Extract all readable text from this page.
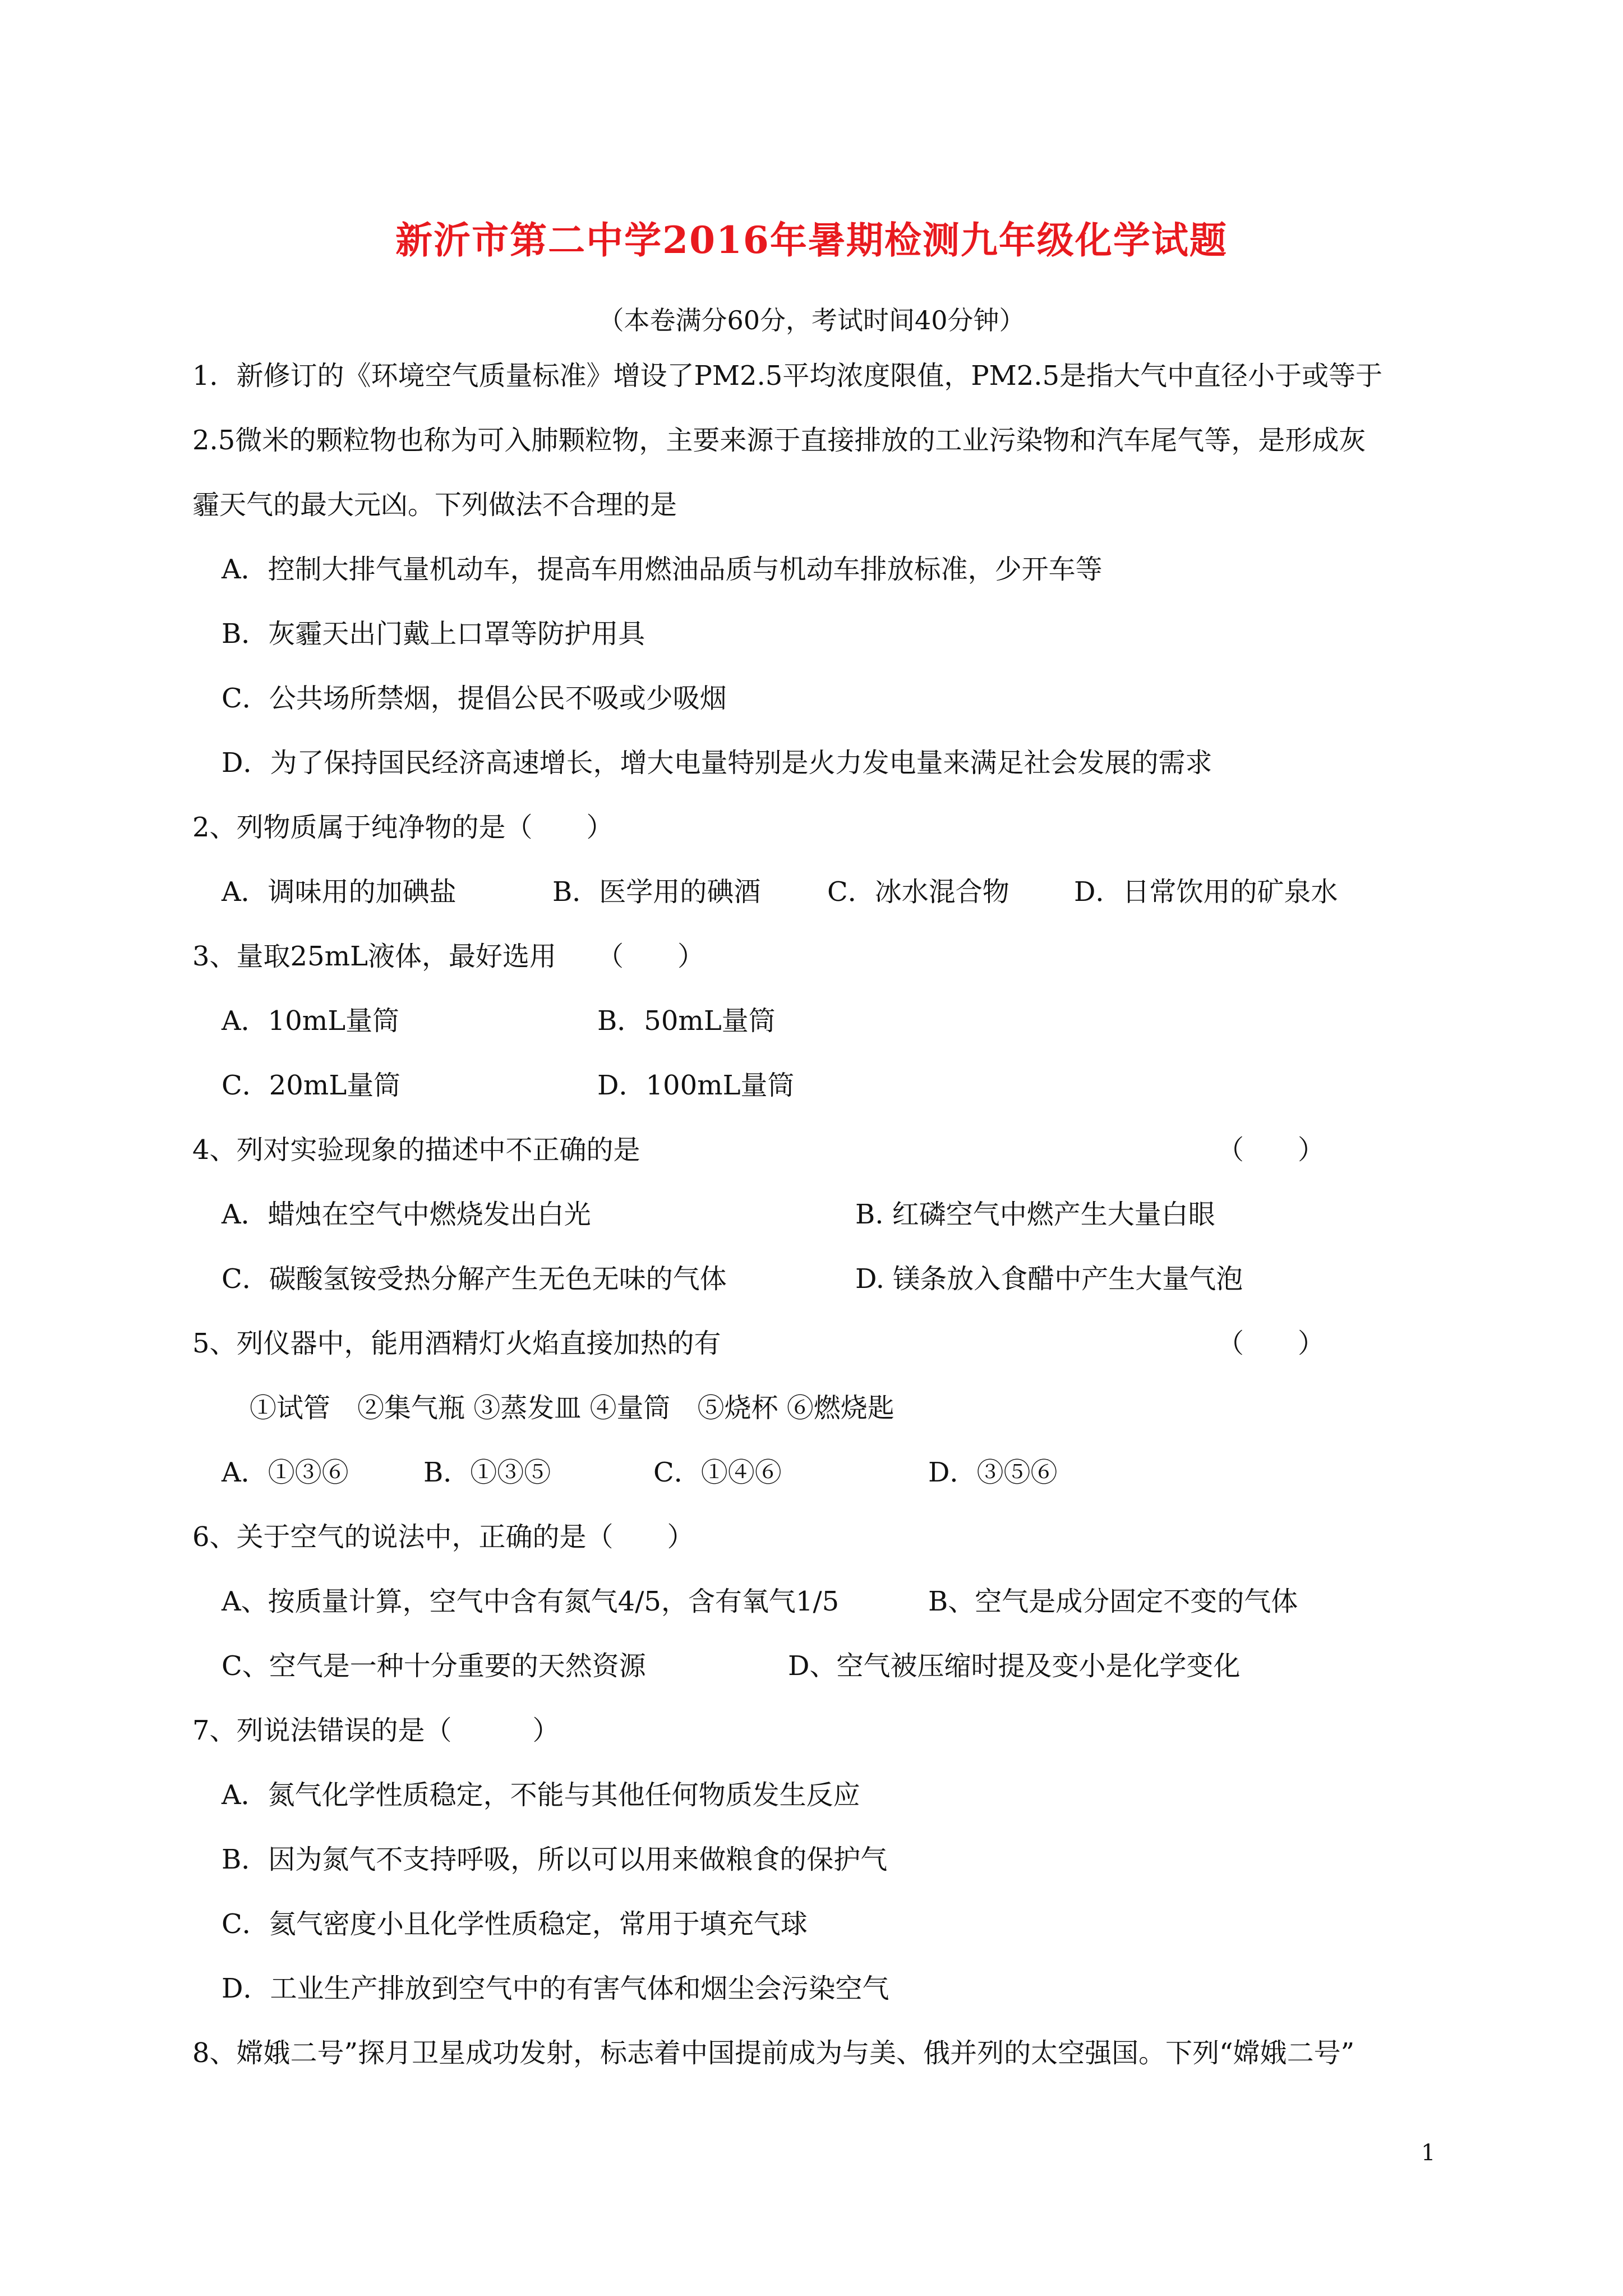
新沂市第二中学2016年暑期检测九年级化学试题
（本卷满分60分，考试时间40分钟）
1．新修订的《环境空气质量标准》增设了PM2.5平均浓度限值，PM2.5是指大气中直径小于或等于
2.5微米的颗粒物也称为可入肺颗粒物，主要来源于直接排放的工业污染物和汽车尾气等，是形成灰
霾天气的最大元凶。下列做法不合理的是
A．控制大排气量机动车，提高车用燃油品质与机动车排放标准，少开车等
B．灰霾天出门戴上口罩等防护用具
C．公共场所禁烟，提倡公民不吸或少吸烟
D．为了保持国民经济高速增长，增大电量特别是火力发电量来满足社会发展的需求
2、列物质属于纯净物的是（　　）
A．调味用的加碘盐	B．医学用的碘酒 C．冰水混合物 D．日常饮用的矿泉水
3、量取25mL液体，最好选用　　（　　）
A．10mL量筒	B．50mL量筒
C．20mL量筒	D．100mL量筒
4、列对实验现象的描述中不正确的是	（　　）
A．蜡烛在空气中燃烧发出白光	B. 红磷空气中燃产生大量白眼
C．碳酸氢铵受热分解产生无色无味的气体	D. 镁条放入食醋中产生大量气泡
5、列仪器中，能用酒精灯火焰直接加热的有	（　　）
①试管　②集气瓶 ③蒸发皿 ④量筒　⑤烧杯 ⑥燃烧匙
A．①③⑥	B．①③⑤	C．①④⑥	D．③⑤⑥
6、关于空气的说法中，正确的是（　　）
A、按质量计算，空气中含有氮气4/5，含有氧气1/5	B、空气是成分固定不变的气体
C、空气是一种十分重要的天然资源	D、空气被压缩时提及变小是化学变化
7、列说法错误的是（　　　）
A．氮气化学性质稳定，不能与其他任何物质发生反应
B．因为氮气不支持呼吸，所以可以用来做粮食的保护气
C．氦气密度小且化学性质稳定，常用于填充气球
D．工业生产排放到空气中的有害气体和烟尘会污染空气
8、嫦娥二号”探月卫星成功发射，标志着中国提前成为与美、俄并列的太空强国。下列“嫦娥二号”
1
